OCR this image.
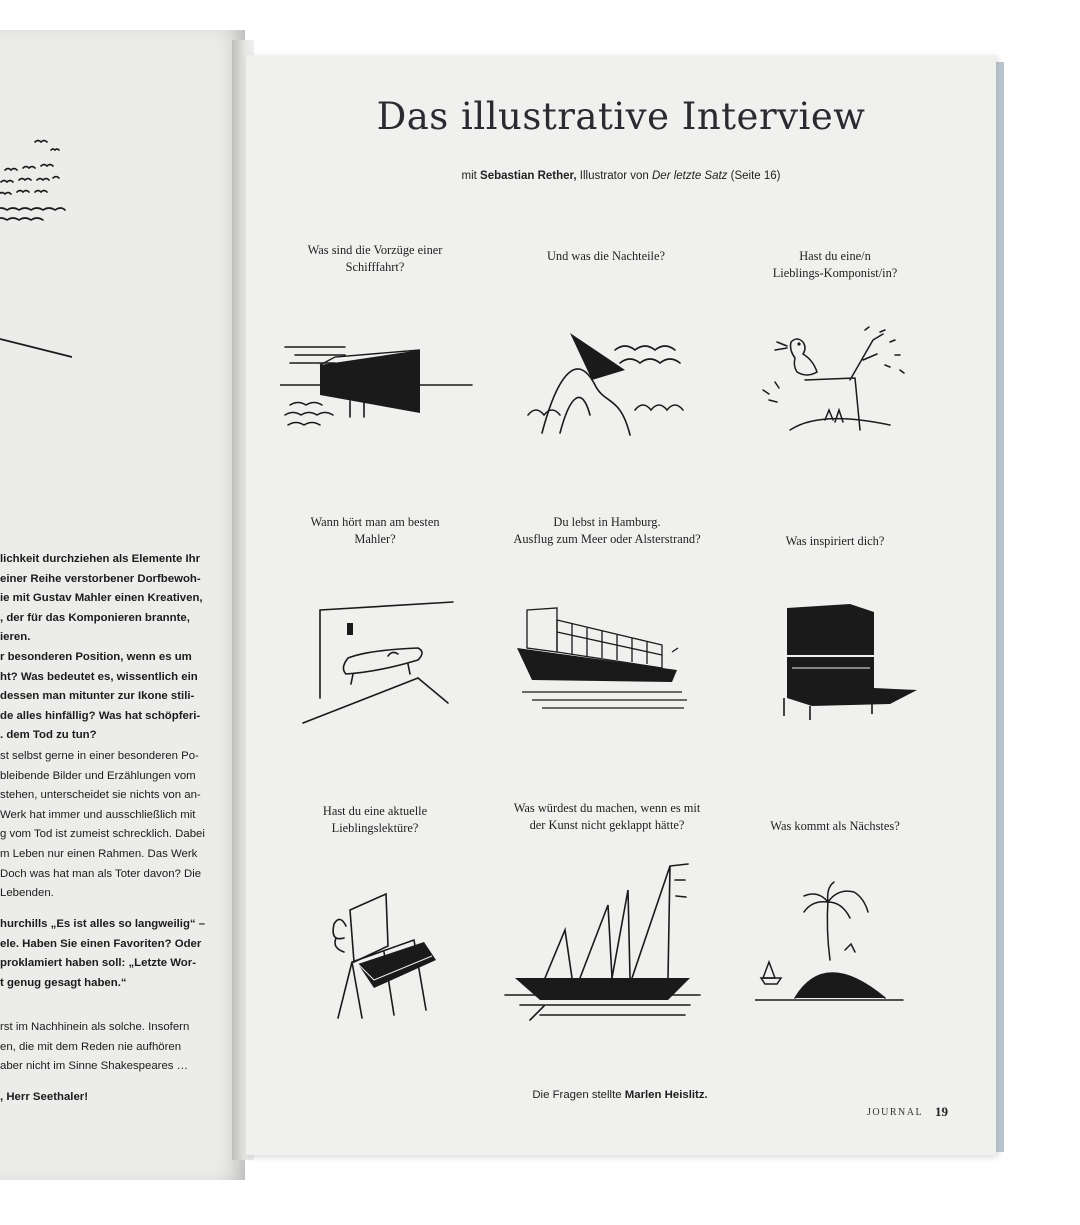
lichkeit durchziehen als Elemente Ihr
einer Reihe verstorbener Dorfbewoh-
ie mit Gustav Mahler einen Kreativen,
, der für das Komponieren brannte,
ieren.
r besonderen Position, wenn es um
ht? Was bedeutet es, wissentlich ein
dessen man mitunter zur Ikone stili-
de alles hinfällig? Was hat schöpferi-
. dem Tod zu tun?
st selbst gerne in einer besonderen Po-
bleibende Bilder und Erzählungen vom
stehen, unterscheidet sie nichts von an-
Werk hat immer und ausschließlich mit
g vom Tod ist zumeist schrecklich. Dabei
m Leben nur einen Rahmen. Das Werk
Doch was hat man als Toter davon? Die
Lebenden.
hurchills „Es ist alles so langweilig“ –
ele. Haben Sie einen Favoriten? Oder
proklamiert haben soll: „Letzte Wor-
t genug gesagt haben.“
rst im Nachhinein als solche. Insofern
en, die mit dem Reden nie aufhören
aber nicht im Sinne Shakespeares …
, Herr Seethaler!
Das illustrative Interview
mit Sebastian Rether, Illustrator von Der letzte Satz (Seite 16)
Was sind die Vorzüge einer
Schifffahrt?
Und was die Nachteile?	Hast du eine/n
Lieblings-Komponist/in?
Wann hört man am besten
Mahler?
Du lebst in Hamburg.
Ausflug zum Meer oder Alsterstrand?	Was inspiriert dich?
Hast du eine aktuelle
Lieblingslektüre?
Was würdest du machen, wenn es mit
der Kunst nicht geklappt hätte?	Was kommt als Nächstes?
Die Fragen stellte Marlen Heislitz.
JOURNAL 19
